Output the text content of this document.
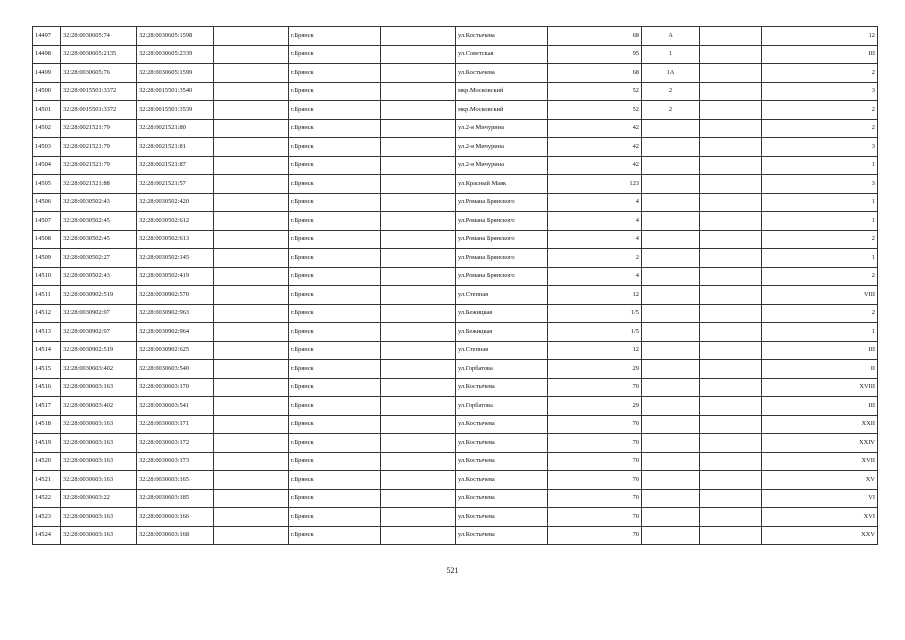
14497	32:28:0030605:74	32:28:0030605:1598		г.Брянск		ул.Костычева	68	А		12
14498	32:28:0030605:2135	32:28:0030605:2339		г.Брянск		ул.Советская	95	1		III
14499	32:28:0030605:76	32:28:0030605:1599		г.Брянск		ул.Костычева	68	1А		2
14500	32:28:0015501:3372	32:28:0015501:3540		г.Брянск		мкр.Московский	52	2		3
14501	32:28:0015501:3372	32:28:0015501:3539		г.Брянск		мкр.Московский	52	2		2
14502	32:28:0021521:79	32:28:0021521:80		г.Брянск		ул.2-я Мичурина	42			2
14503	32:28:0021521:79	32:28:0021521:81		г.Брянск		ул.2-я Мичурина	42			3
14504	32:28:0021521:79	32:28:0021521:87		г.Брянск		ул.2-я Мичурина	42			1
14505	32:28:0021521:88	32:28:0021521:57		г.Брянск		ул.Красный Маяк	123			3
14506	32:28:0030502:43	32:28:0030502:420		г.Брянск		ул.Романа Брянского	4			1
14507	32:28:0030502:45	32:28:0030502:612		г.Брянск		ул.Романа Брянского	4			1
14508	32:28:0030502:45	32:28:0030502:613		г.Брянск		ул.Романа Брянского	4			2
14509	32:28:0030502:27	32:28:0030502:145		г.Брянск		ул.Романа Брянского	2			1
14510	32:28:0030502:43	32:28:0030502:419		г.Брянск		ул.Романа Брянского	4			2
14511	32:28:0030902:519	32:28:0030902:570		г.Брянск		ул.Степная	12			VIII
14512	32:28:0030902:97	32:28:0030902:963		г.Брянск		ул.Бежицкая	1/5			2
14513	32:28:0030902:97	32:28:0030902:964		г.Брянск		ул.Бежицкая	1/5			1
14514	32:28:0030902:519	32:28:0030902:625		г.Брянск		ул.Степная	12			III
14515	32:28:0030603:402	32:28:0030603:540		г.Брянск		ул.Горбатова	29			II
14516	32:28:0030603:163	32:28:0030603:170		г.Брянск		ул.Костычева	70			XVIII
14517	32:28:0030603:402	32:28:0030603:541		г.Брянск		ул.Горбатова	29			III
14518	32:28:0030603:163	32:28:0030603:171		г.Брянск		ул.Костычева	70			XXII
14519	32:28:0030603:163	32:28:0030603:172		г.Брянск		ул.Костычева	70			XXIV
14520	32:28:0030603:163	32:28:0030603:173		г.Брянск		ул.Костычева	70			XVII
14521	32:28:0030603:163	32:28:0030603:165		г.Брянск		ул.Костычева	70			XV
14522	32:28:0030603:22	32:28:0030603:185		г.Брянск		ул.Костычева	70			VI
14523	32:28:0030603:163	32:28:0030603:166		г.Брянск		ул.Костычева	70			XVI
14524	32:28:0030603:163	32:28:0030603:168		г.Брянск		ул.Костычева	70			XXV
521
